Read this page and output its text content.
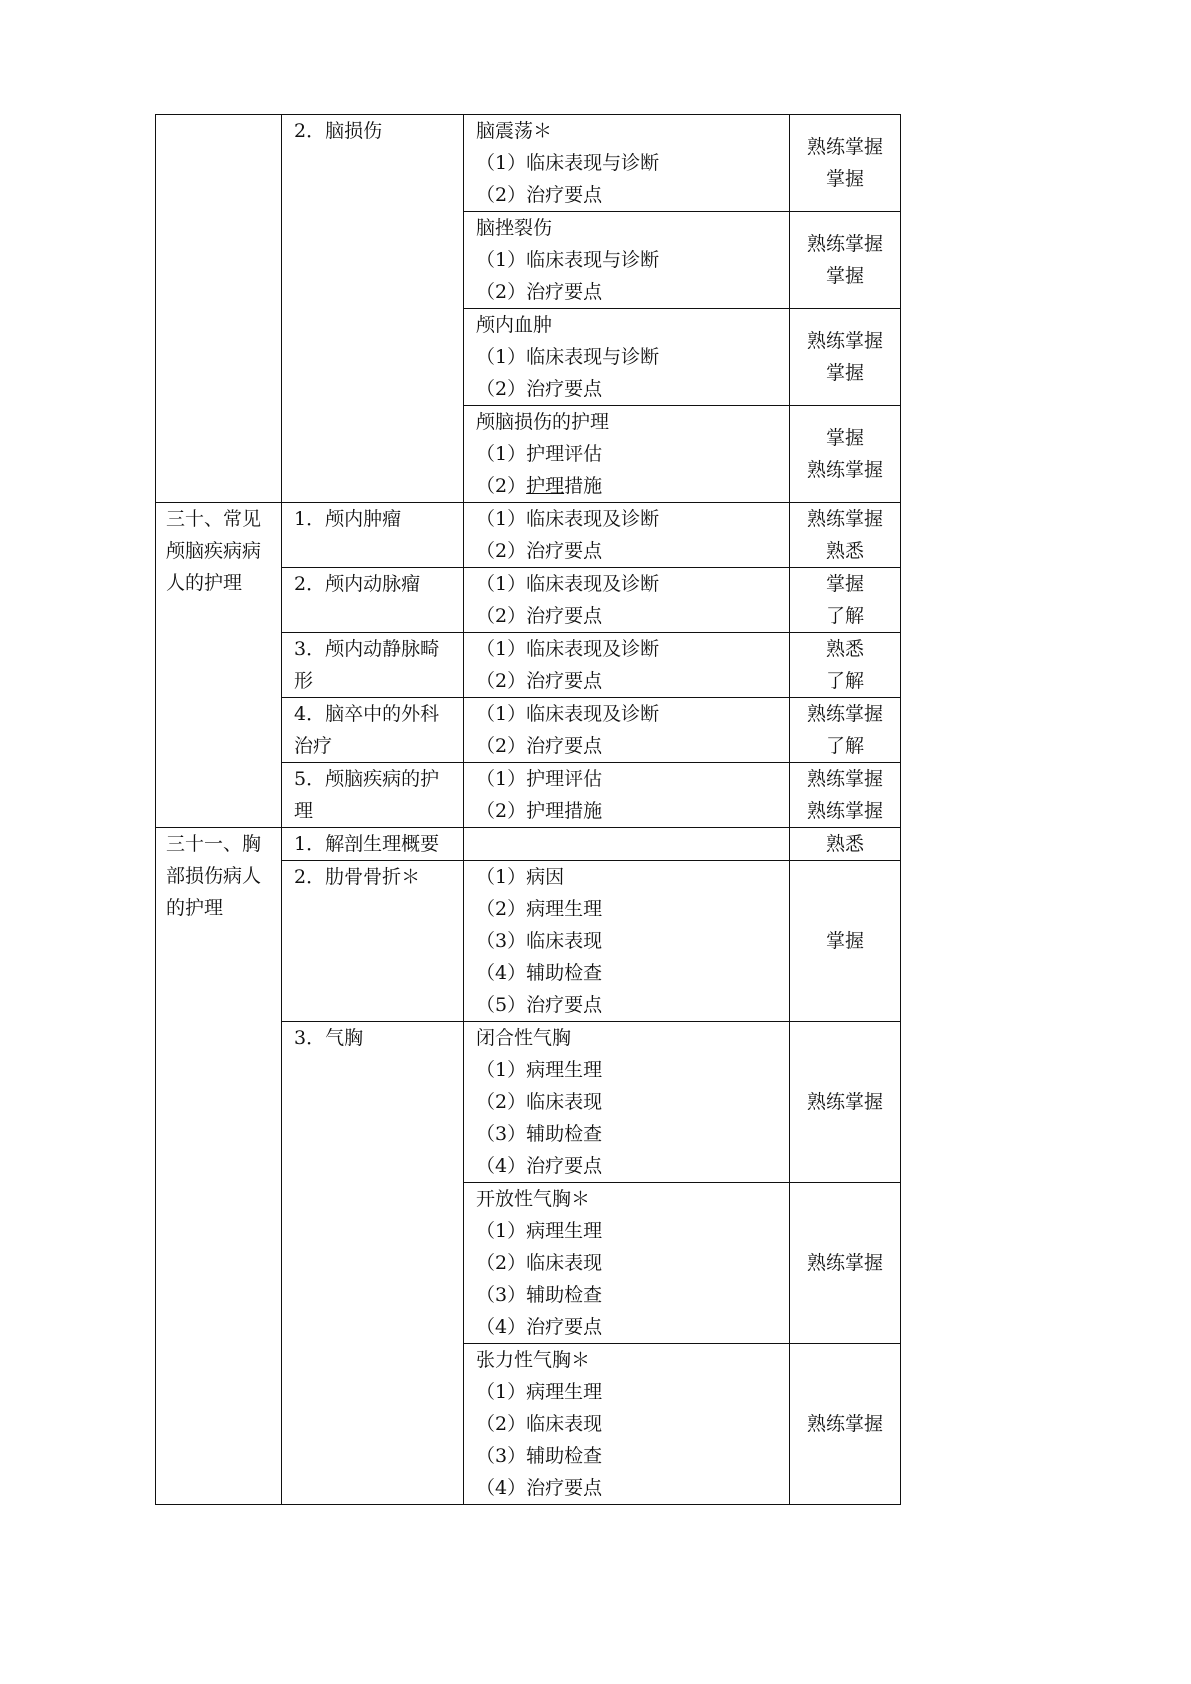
	2．脑损伤	脑震荡＊
（1）临床表现与诊断
（2）治疗要点	熟练掌握
掌握

		脑挫裂伤
（1）临床表现与诊断
（2）治疗要点	熟练掌握
掌握

		颅内血肿
（1）临床表现与诊断
（2）治疗要点	熟练掌握
掌握

		颅脑损伤的护理
（1）护理评估
（2）护理措施	掌握
熟练掌握

三十、常见颅脑疾病病人的护理	1．颅内肿瘤	（1）临床表现及诊断
（2）治疗要点	熟练掌握
熟悉

	2．颅内动脉瘤	（1）临床表现及诊断
（2）治疗要点	掌握
了解

	3．颅内动静脉畸形	（1）临床表现及诊断
（2）治疗要点	熟悉
了解

	4．脑卒中的外科治疗	（1）临床表现及诊断
（2）治疗要点	熟练掌握
了解

	5．颅脑疾病的护理	（1）护理评估
（2）护理措施	熟练掌握
熟练掌握

三十一、胸部损伤病人的护理	1．解剖生理概要		熟悉

	2．肋骨骨折＊	（1）病因
（2）病理生理
（3）临床表现
（4）辅助检查
（5）治疗要点	掌握

	3．气胸	闭合性气胸
（1）病理生理
（2）临床表现
（3）辅助检查
（4）治疗要点	熟练掌握

		开放性气胸＊
（1）病理生理
（2）临床表现
（3）辅助检查
（4）治疗要点	熟练掌握

		张力性气胸＊
（1）病理生理
（2）临床表现
（3）辅助检查
（4）治疗要点	熟练掌握
